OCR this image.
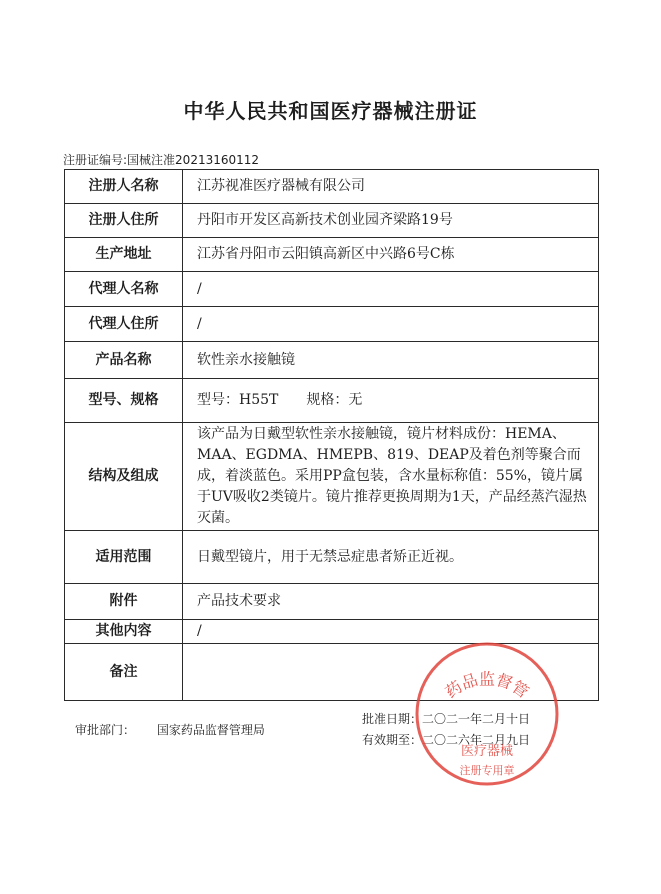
中华人民共和国医疗器械注册证
注册证编号:国械注准20213160112
注册人名称	江苏视准医疗器械有限公司
注册人住所	丹阳市开发区高新技术创业园齐梁路19号
生产地址	江苏省丹阳市云阳镇高新区中兴路6号C栋
代理人名称	/
代理人住所	/
产品名称	软性亲水接触镜
型号、规格	型号：H55T　　规格：无
结构及组成	该产品为日戴型软性亲水接触镜，镜片材料成份：HEMA、MAA、EGDMA、HMEPB、819、DEAP及着色剂等聚合而成，着淡蓝色。采用PP盒包装，含水量标称值：55%，镜片属于UV吸收2类镜片。镜片推荐更换周期为1天，产品经蒸汽湿热灭菌。
适用范围	日戴型镜片，用于无禁忌症患者矫正近视。
附件	产品技术要求
其他内容	/
备注	
审批部门： 国家药品监督管理局
批准日期：二〇二一年二月十日
有效期至：二〇二六年二月九日
药品监督管
医疗器械
注册专用章
